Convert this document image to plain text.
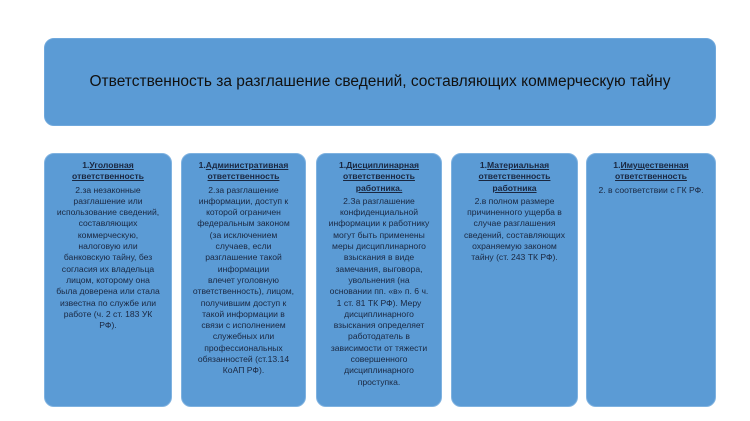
Ответственность за разглашение сведений, составляющих коммерческую тайну
1.Уголовная
ответственность
2.за незаконные
разглашение или
использование сведений,
составляющих
коммерческую,
налоговую или
банковскую тайну, без
согласия их владельца
лицом, которому она
была доверена или стала
известна по службе или
работе (ч. 2 ст. 183 УК
РФ).
1.Административная
ответственность
2.за разглашение
информации, доступ к
которой ограничен
федеральным законом
(за исключением
случаев, если
разглашение такой
информации
влечет уголовную
ответственность), лицом,
получившим доступ к
такой информации в
связи с исполнением
служебных или
профессиональных
обязанностей (ст.13.14
КоАП РФ).
1.Дисциплинарная
ответственность
работника.
2.За разглашение
конфиденциальной
информации к работнику
могут быть применены
меры дисциплинарного
взыскания в виде
замечания, выговора,
увольнения (на
основании пп. «в» п. 6 ч.
1 ст. 81 ТК РФ). Меру
дисциплинарного
взыскания определяет
работодатель в
зависимости от тяжести
совершенного
дисциплинарного
проступка.
1.Материальная
ответственность
работника
2.в полном размере
причиненного ущерба в
случае разглашения
сведений, составляющих
охраняемую законом
тайну (ст. 243 ТК РФ).
1.Имущественная
ответственность
2. в соответствии с ГК РФ.
